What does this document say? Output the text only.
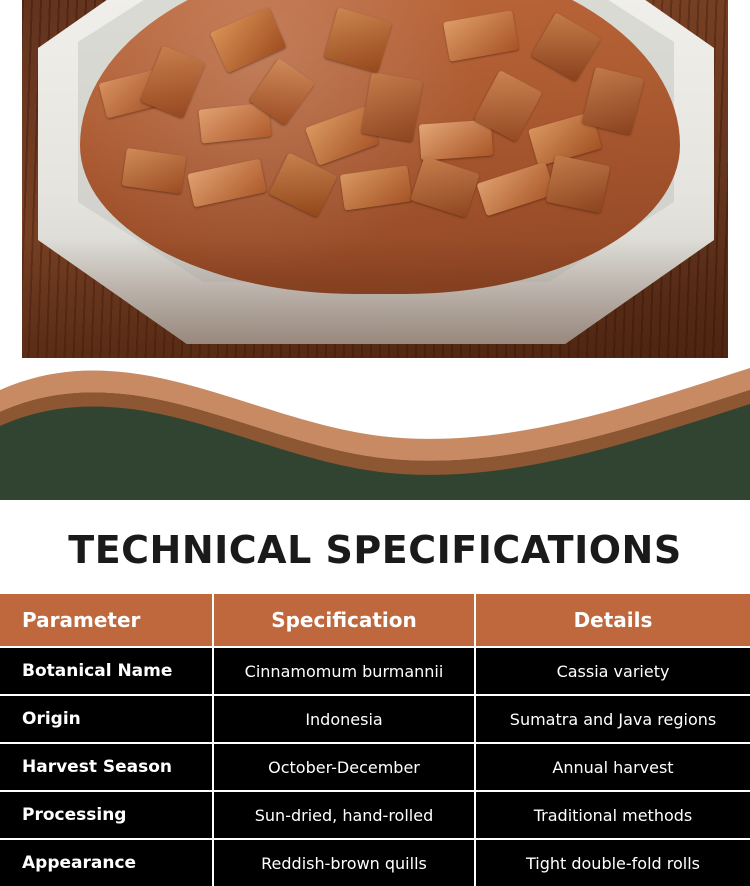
TECHNICAL SPECIFICATIONS
Parameter	Specification	Details
Botanical Name	Cinnamomum burmannii	Cassia variety
Origin	Indonesia	Sumatra and Java regions
Harvest Season	October-December	Annual harvest
Processing	Sun-dried, hand-rolled	Traditional methods
Appearance	Reddish-brown quills	Tight double-fold rolls
